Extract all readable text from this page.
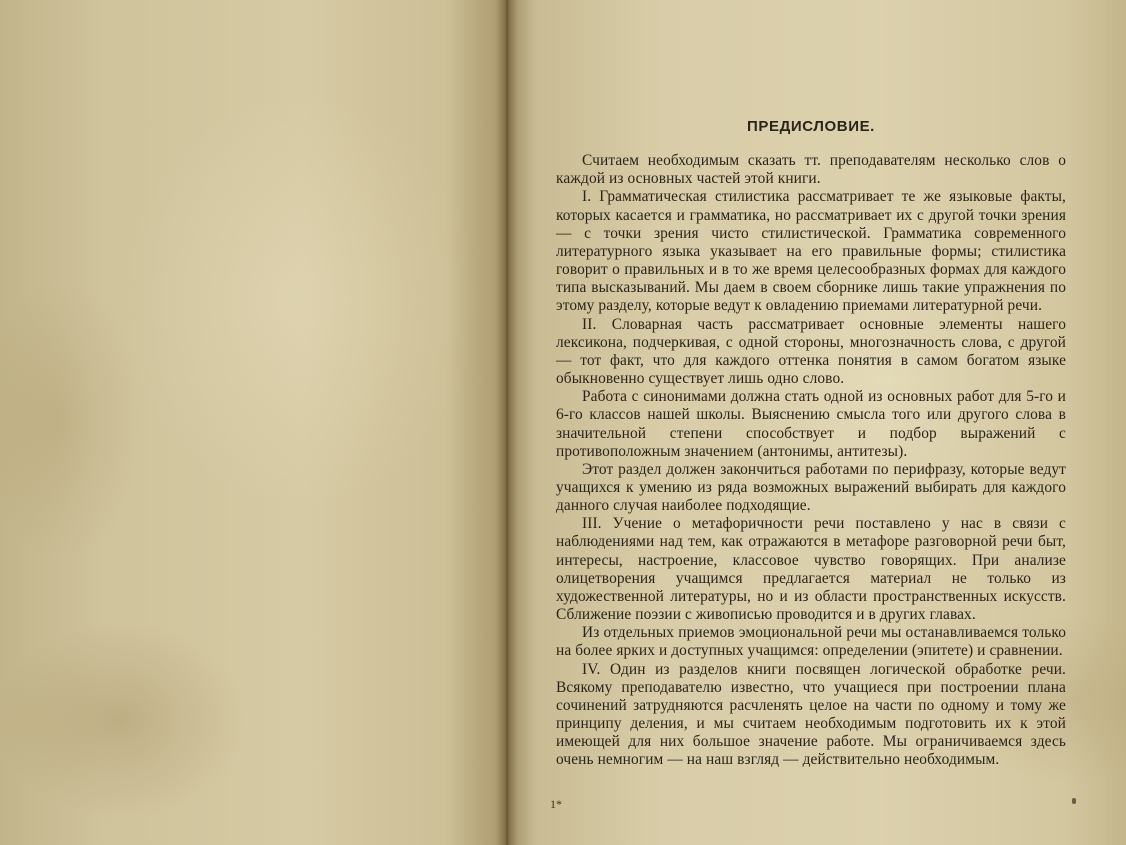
ПРЕДИСЛОВИЕ.

Считаем необходимым сказать тт. преподавателям несколько слов о каждой из основных частей этой книги.

I. Грамматическая стилистика рассматривает те же языковые факты, которых касается и грамматика, но рассматривает их с другой точки зрения — с точки зрения чисто стилистической. Грамматика современного литературного языка указывает на его правильные формы; стилистика говорит о правильных и в то же время целесообразных формах для каждого типа высказываний. Мы даем в своем сборнике лишь такие упражнения по этому разделу, которые ведут к овладению приемами литературной речи.

II. Словарная часть рассматривает основные элементы нашего лексикона, подчеркивая, с одной стороны, многозначность слова, с другой — тот факт, что для каждого оттенка понятия в самом богатом языке обыкновенно существует лишь одно слово.

Работа с синонимами должна стать одной из основных работ для 5-го и 6-го классов нашей школы. Выяснению смысла того или другого слова в значительной степени способствует и подбор выражений с противоположным значением (антонимы, антитезы).

Этот раздел должен закончиться работами по перифразу, которые ведут учащихся к умению из ряда возможных выражений выбирать для каждого данного случая наиболее подходящие.

III. Учение о метафоричности речи поставлено у нас в связи с наблюдениями над тем, как отражаются в метафоре разговорной речи быт, интересы, настроение, классовое чувство говорящих. При анализе олицетворения учащимся предлагается материал не только из художественной литературы, но и из области пространственных искусств. Сближение поэзии с живописью проводится и в других главах.

Из отдельных приемов эмоциональной речи мы останавливаемся только на более ярких и доступных учащимся: определении (эпитете) и сравнении.

IV. Один из разделов книги посвящен логической обработке речи. Всякому преподавателю известно, что учащиеся при построении плана сочинений затрудняются расчленять целое на части по одному и тому же принципу деления, и мы считаем необходимым подготовить их к этой имеющей для них большое значение работе. Мы ограничиваемся здесь очень немногим — на наш взгляд — действительно необходимым.

1*
